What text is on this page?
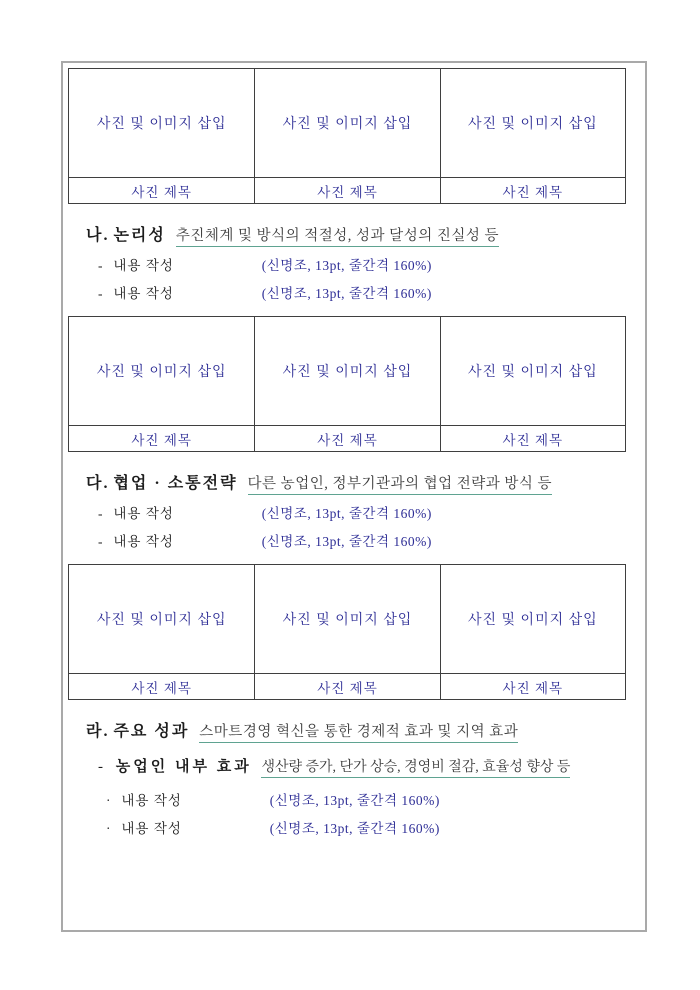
사진 및 이미지 삽입	사진 및 이미지 삽입	사진 및 이미지 삽입
사진 제목	사진 제목	사진 제목
나. 논리성 추진체계 및 방식의 적절성, 성과 달성의 진실성 등
- 내용 작성	(신명조, 13pt, 줄간격 160%)
- 내용 작성	(신명조, 13pt, 줄간격 160%)
사진 및 이미지 삽입	사진 및 이미지 삽입	사진 및 이미지 삽입
사진 제목	사진 제목	사진 제목
다. 협업 · 소통전략 다른 농업인, 정부기관과의 협업 전략과 방식 등
- 내용 작성	(신명조, 13pt, 줄간격 160%)
- 내용 작성	(신명조, 13pt, 줄간격 160%)
사진 및 이미지 삽입	사진 및 이미지 삽입	사진 및 이미지 삽입
사진 제목	사진 제목	사진 제목
라. 주요 성과 스마트경영 혁신을 통한 경제적 효과 및 지역 효과
- 농업인 내부 효과 생산량 증가, 단가 상승, 경영비 절감, 효율성 향상 등
· 내용 작성	(신명조, 13pt, 줄간격 160%)
· 내용 작성	(신명조, 13pt, 줄간격 160%)
